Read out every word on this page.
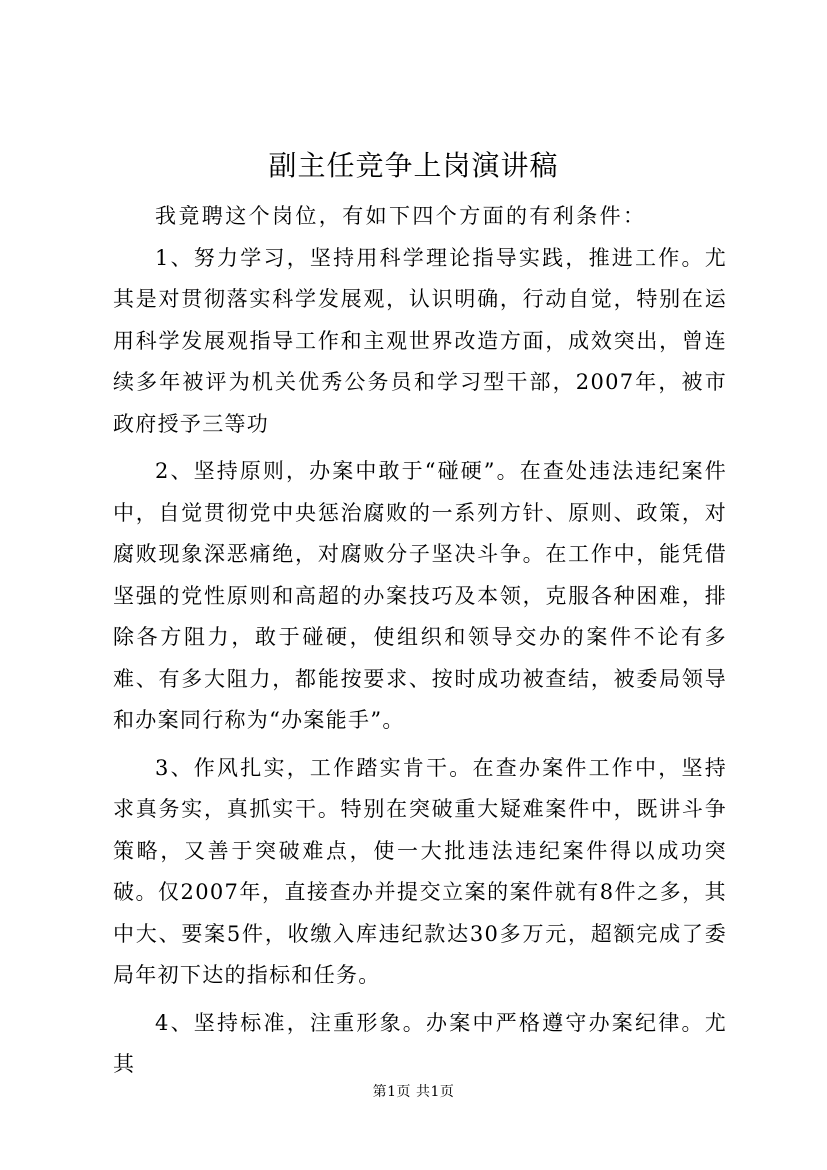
副主任竞争上岗演讲稿

我竟聘这个岗位，有如下四个方面的有利条件：

1、努力学习，坚持用科学理论指导实践，推进工作。尤其是对贯彻落实科学发展观，认识明确，行动自觉，特别在运用科学发展观指导工作和主观世界改造方面，成效突出，曾连续多年被评为机关优秀公务员和学习型干部，2007年，被市政府授予三等功

2、坚持原则，办案中敢于“碰硬”。在查处违法违纪案件中，自觉贯彻党中央惩治腐败的一系列方针、原则、政策，对腐败现象深恶痛绝，对腐败分子坚决斗争。在工作中，能凭借坚强的党性原则和高超的办案技巧及本领，克服各种困难，排除各方阻力，敢于碰硬，使组织和领导交办的案件不论有多难、有多大阻力，都能按要求、按时成功被查结，被委局领导和办案同行称为“办案能手”。

3、作风扎实，工作踏实肯干。在查办案件工作中，坚持求真务实，真抓实干。特别在突破重大疑难案件中，既讲斗争策略，又善于突破难点，使一大批违法违纪案件得以成功突破。仅2007年，直接查办并提交立案的案件就有8件之多，其中大、要案5件，收缴入库违纪款达30多万元，超额完成了委局年初下达的指标和任务。

4、坚持标准，注重形象。办案中严格遵守办案纪律。尤其

第1页 共1页
